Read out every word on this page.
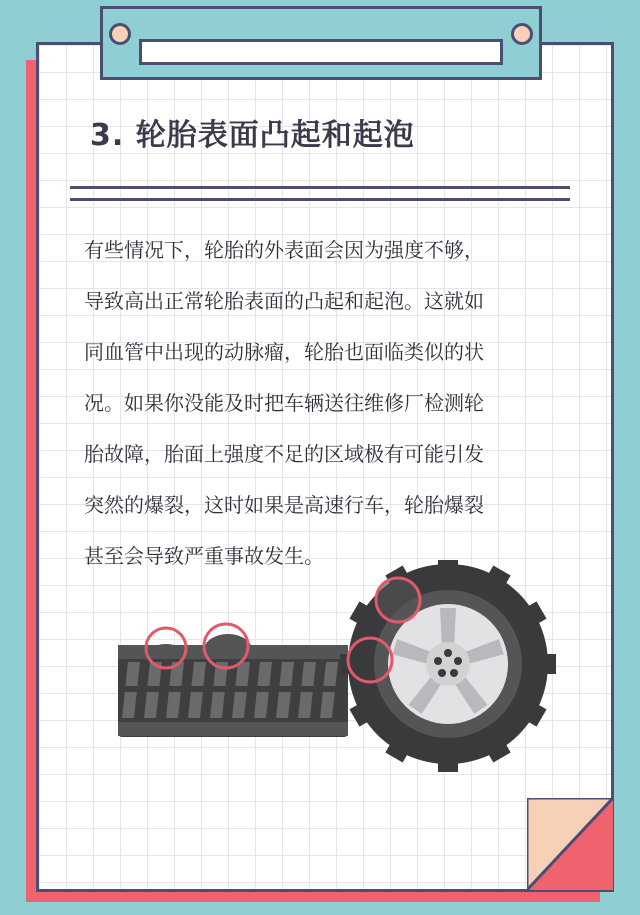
3. 轮胎表面凸起和起泡
有些情况下，轮胎的外表面会因为强度不够，
导致高出正常轮胎表面的凸起和起泡。这就如
同血管中出现的动脉瘤，轮胎也面临类似的状
况。如果你没能及时把车辆送往维修厂检测轮
胎故障，胎面上强度不足的区域极有可能引发
突然的爆裂，这时如果是高速行车，轮胎爆裂
甚至会导致严重事故发生。
